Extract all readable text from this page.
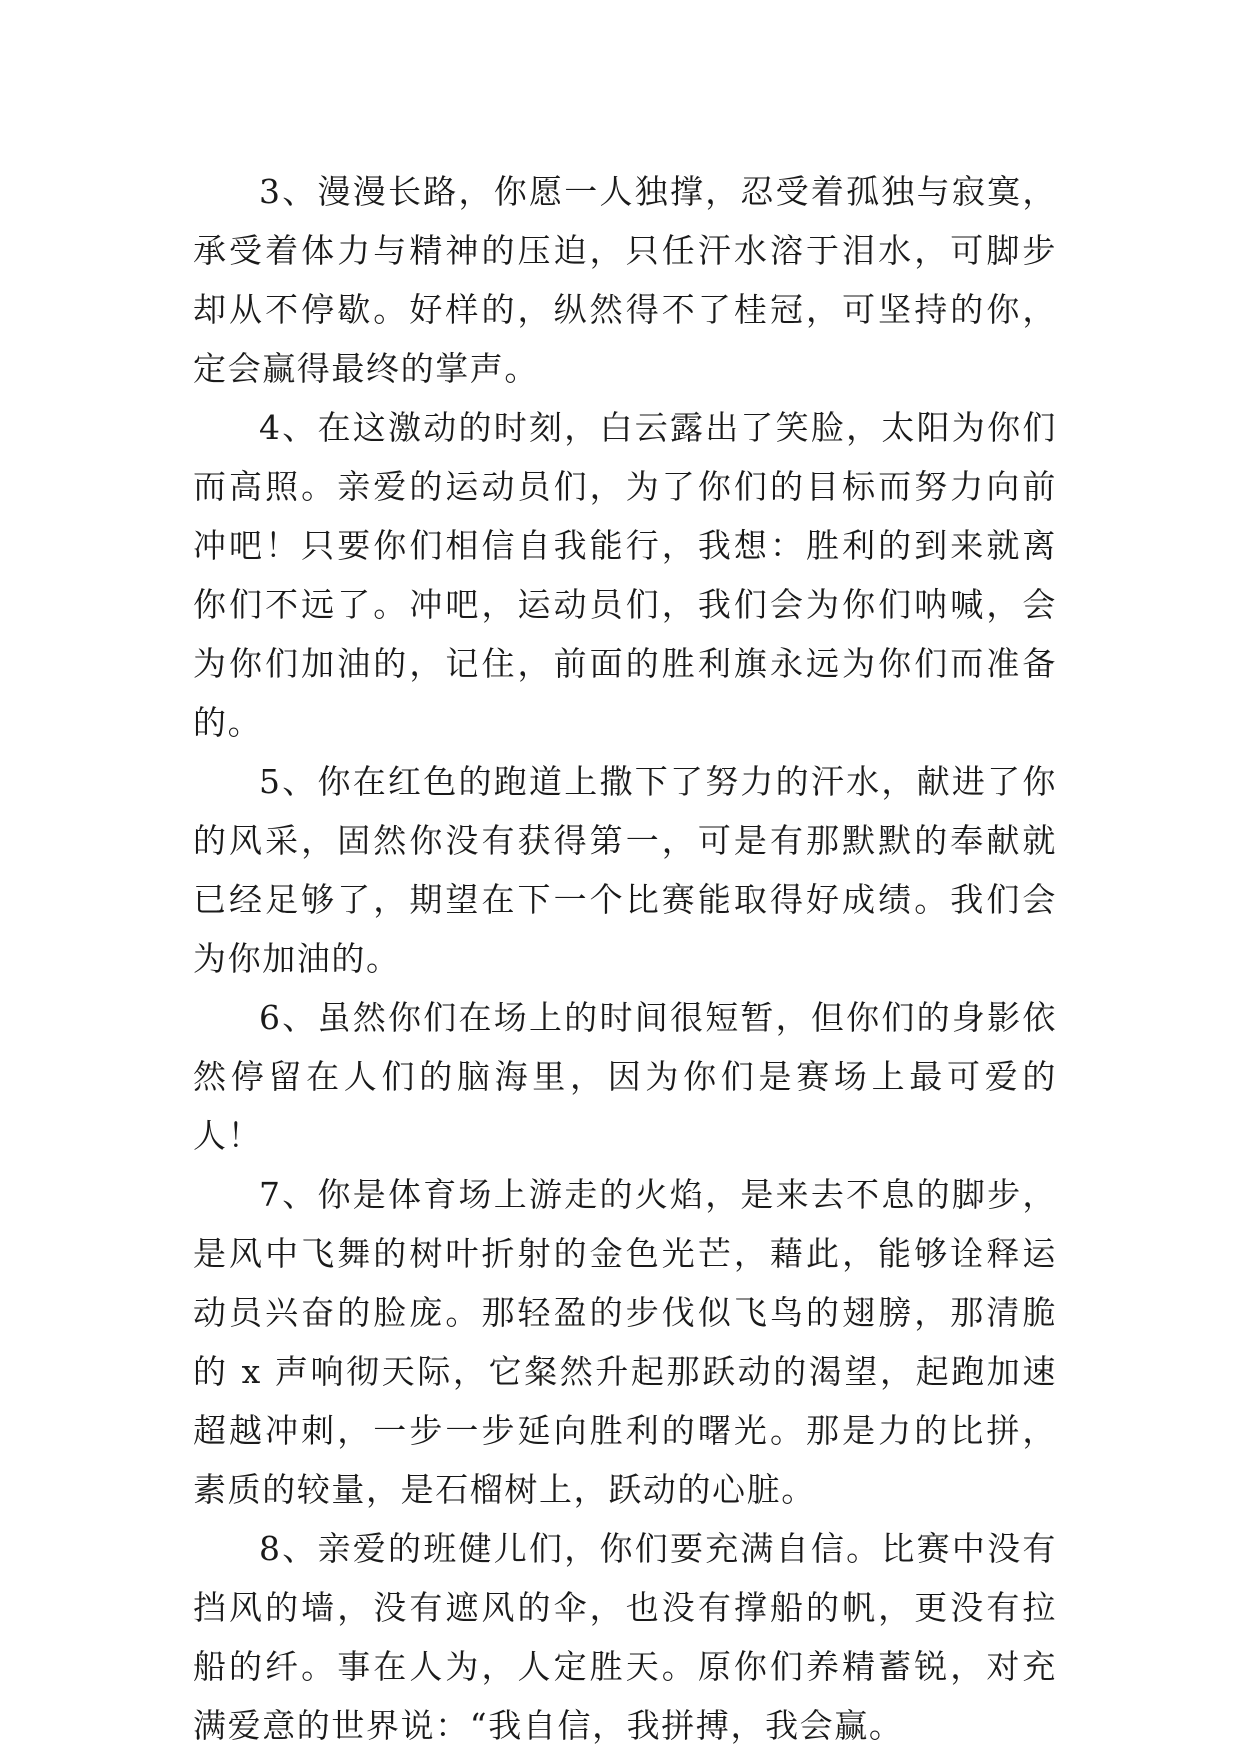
3、漫漫长路，你愿一人独撑，忍受着孤独与寂寞，承受着体力与精神的压迫，只任汗水溶于泪水，可脚步却从不停歇。好样的，纵然得不了桂冠，可坚持的你，定会赢得最终的掌声。

4、在这激动的时刻，白云露出了笑脸，太阳为你们而高照。亲爱的运动员们，为了你们的目标而努力向前冲吧！只要你们相信自我能行，我想：胜利的到来就离你们不远了。冲吧，运动员们，我们会为你们呐喊，会为你们加油的，记住，前面的胜利旗永远为你们而准备的。

5、你在红色的跑道上撒下了努力的汗水，献进了你的风采，固然你没有获得第一，可是有那默默的奉献就已经足够了，期望在下一个比赛能取得好成绩。我们会为你加油的。

6、虽然你们在场上的时间很短暂，但你们的身影依然停留在人们的脑海里，因为你们是赛场上最可爱的人！

7、你是体育场上游走的火焰，是来去不息的脚步，是风中飞舞的树叶折射的金色光芒，藉此，能够诠释运动员兴奋的脸庞。那轻盈的步伐似飞鸟的翅膀，那清脆的 x 声响彻天际，它粲然升起那跃动的渴望，起跑加速超越冲刺，一步一步延向胜利的曙光。那是力的比拼，素质的较量，是石榴树上，跃动的心脏。

8、亲爱的班健儿们，你们要充满自信。比赛中没有挡风的墙，没有遮风的伞，也没有撑船的帆，更没有拉船的纤。事在人为，人定胜天。原你们养精蓄锐，对充满爱意的世界说：“我自信，我拼搏，我会赢。
